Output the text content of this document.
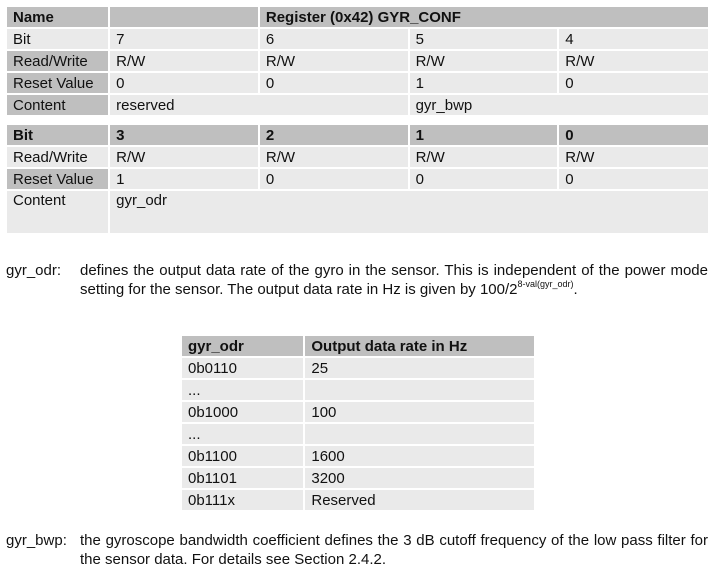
Name		Register (0x42) GYR_CONF		
Bit	7	6	5	4
Read/Write	R/W	R/W	R/W	R/W
Reset Value	0	0	1	0
Content	reserved		gyr_bwp	

Bit	3	2	1	0
Read/Write	R/W	R/W	R/W	R/W
Reset Value	1	0	0	0
Content	gyr_odr			
gyr_odr: defines the output data rate of the gyro in the sensor. This is independent of the power mode setting for the sensor. The output data rate in Hz is given by $100/2^{8-val(gyr\_odr)}$.
gyr_odr	Output data rate in Hz
0b0110	25
...	
0b1000	100
...	
0b1100	1600
0b1101	3200
0b111x	Reserved
gyr_bwp: the gyroscope bandwidth coefficient defines the 3 dB cutoff frequency of the low pass filter for the sensor data. For details see Section 2.4.2.
